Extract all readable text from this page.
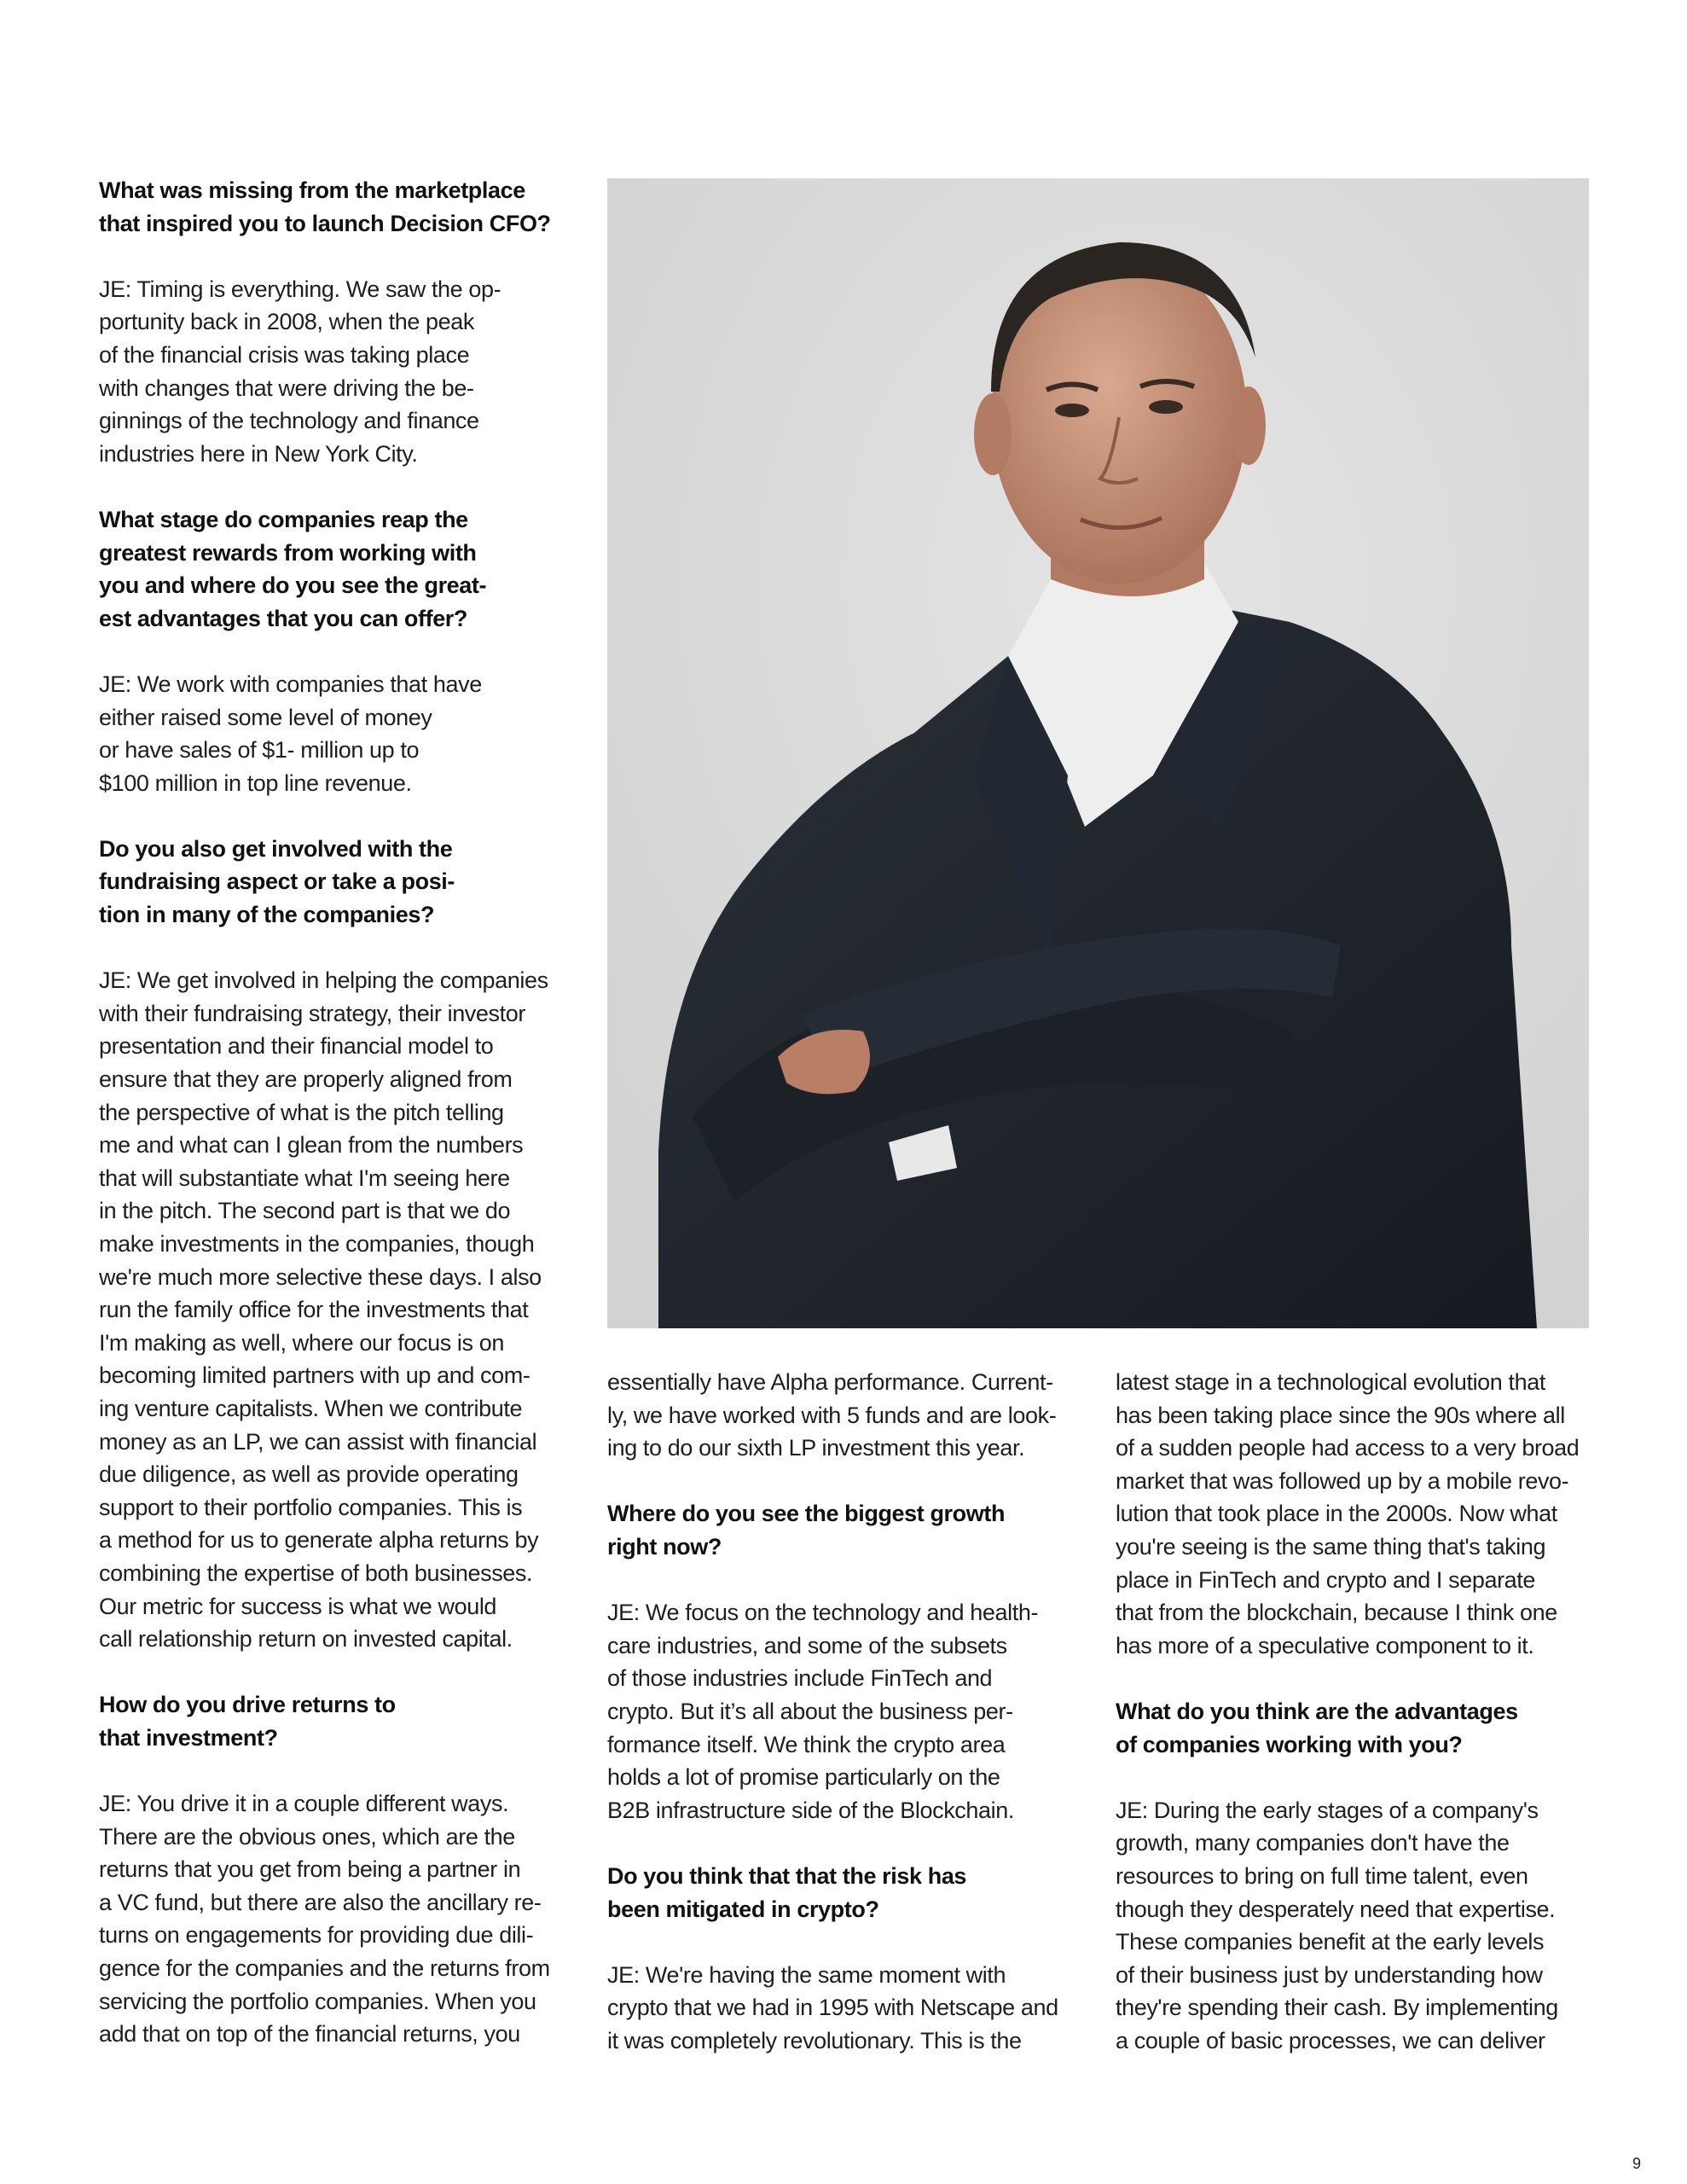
What was missing from the marketplace
that inspired you to launch Decision CFO?

JE: Timing is everything. We saw the op-
portunity back in 2008, when the peak
of the financial crisis was taking place
with changes that were driving the be-
ginnings of the technology and finance
industries here in New York City.

What stage do companies reap the
greatest rewards from working with
you and where do you see the great-
est advantages that you can offer?

JE: We work with companies that have
either raised some level of money
or have sales of $1- million up to
$100 million in top line revenue.

Do you also get involved with the
fundraising aspect or take a posi-
tion in many of the companies?

JE: We get involved in helping the companies
with their fundraising strategy, their investor
presentation and their financial model to
ensure that they are properly aligned from
the perspective of what is the pitch telling
me and what can I glean from the numbers
that will substantiate what I'm seeing here
in the pitch. The second part is that we do
make investments in the companies, though
we're much more selective these days. I also
run the family office for the investments that
I'm making as well, where our focus is on
becoming limited partners with up and com-
ing venture capitalists. When we contribute
money as an LP, we can assist with financial
due diligence, as well as provide operating
support to their portfolio companies. This is
a method for us to generate alpha returns by
combining the expertise of both businesses.
Our metric for success is what we would
call relationship return on invested capital.

How do you drive returns to
that investment?

JE: You drive it in a couple different ways.
There are the obvious ones, which are the
returns that you get from being a partner in
a VC fund, but there are also the ancillary re-
turns on engagements for providing due dili-
gence for the companies and the returns from
servicing the portfolio companies. When you
add that on top of the financial returns, you

essentially have Alpha performance. Current-
ly, we have worked with 5 funds and are look-
ing to do our sixth LP investment this year.

Where do you see the biggest growth
right now?

JE: We focus on the technology and health-
care industries, and some of the subsets
of those industries include FinTech and
crypto. But it’s all about the business per-
formance itself. We think the crypto area
holds a lot of promise particularly on the
B2B infrastructure side of the Blockchain.

Do you think that that the risk has
been mitigated in crypto?

JE: We're having the same moment with
crypto that we had in 1995 with Netscape and
it was completely revolutionary. This is the

latest stage in a technological evolution that
has been taking place since the 90s where all
of a sudden people had access to a very broad
market that was followed up by a mobile revo-
lution that took place in the 2000s. Now what
you're seeing is the same thing that's taking
place in FinTech and crypto and I separate
that from the blockchain, because I think one
has more of a speculative component to it.

What do you think are the advantages
of companies working with you?

JE: During the early stages of a company's
growth, many companies don't have the
resources to bring on full time talent, even
though they desperately need that expertise.
These companies benefit at the early levels
of their business just by understanding how
they're spending their cash. By implementing
a couple of basic processes, we can deliver

9
